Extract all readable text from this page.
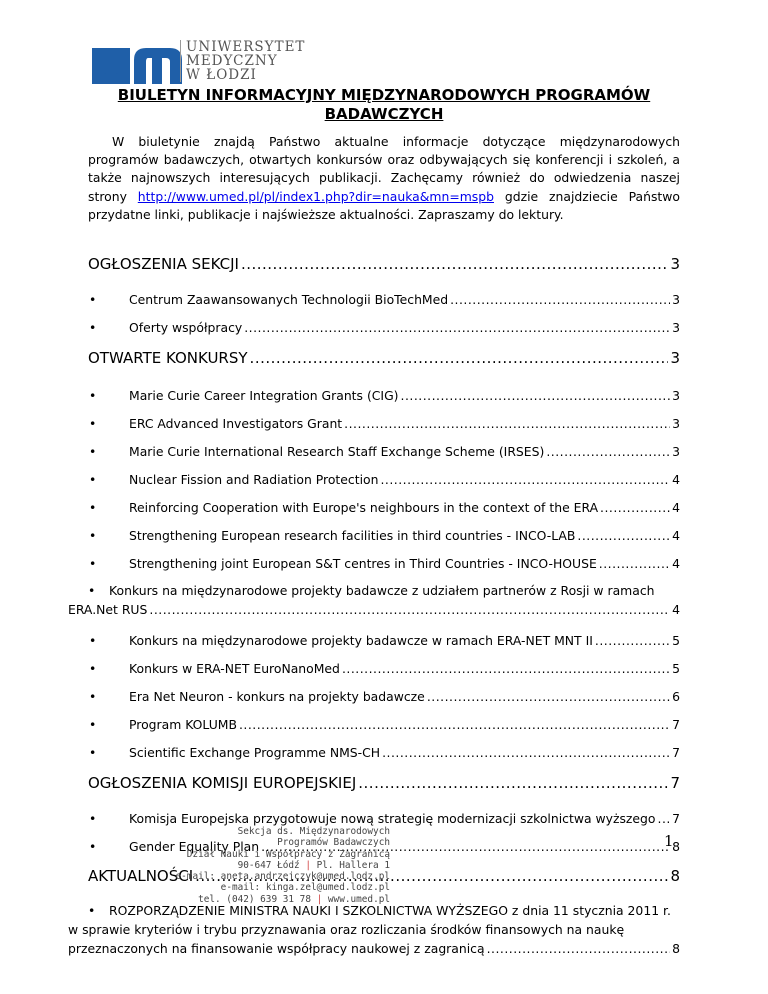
UNIWERSYTET
MEDYCZNY
W ŁODZI
BIULETYN INFORMACYJNY MIĘDZYNARODOWYCH PROGRAMÓW
BADAWCZYCH

W biuletynie znajdą Państwo aktualne informacje dotyczące międzynarodowych programów badawczych, otwartych konkursów oraz odbywających się konferencji i szkoleń, a także najnowszych interesujących publikacji. Zachęcamy również do odwiedzenia naszej strony http://www.umed.pl/pl/index1.php?dir=nauka&mn=mspb gdzie znajdziecie Państwo przydatne linki, publikacje i najświeższe aktualności. Zapraszamy do lektury.

OGŁOSZENIA SEKCJI .....	3
•	Centrum Zaawansowanych Technologii BioTechMed .....	3
•	Oferty współpracy .....	3
OTWARTE KONKURSY .....	3
•	Marie Curie Career Integration Grants (CIG) .....	3
•	ERC Advanced Investigators Grant .....	3
•	Marie Curie International Research Staff Exchange Scheme (IRSES) .....	3
•	Nuclear Fission and Radiation Protection .....	4
•	Reinforcing Cooperation with Europe's neighbours in the context of the ERA .....	4
•	Strengthening European research facilities in third countries - INCO-LAB .....	4
•	Strengthening joint European S&T centres in Third Countries - INCO-HOUSE .....	4
•	Konkurs na międzynarodowe projekty badawcze z udziałem partnerów z Rosji w ramach
ERA.Net RUS .....	4
•	Konkurs na międzynarodowe projekty badawcze w ramach ERA-NET MNT II .....	5
•	Konkurs w ERA-NET EuroNanoMed .....	5
•	Era Net Neuron - konkurs na projekty badawcze .....	6
•	Program KOLUMB .....	7
•	Scientific Exchange Programme NMS-CH .....	7
OGŁOSZENIA KOMISJI EUROPEJSKIEJ .....	7
•	Komisja Europejska przygotowuje nową strategię modernizacji szkolnictwa wyższego ..... 7
•	Gender Equality Plan .....	8
AKTUALNOŚCI .....	8
•	ROZPORZĄDZENIE MINISTRA NAUKI I SZKOLNICTWA WYŻSZEGO z dnia 11 stycznia 2011 r.
w sprawie kryteriów i trybu przyznawania oraz rozliczania środków finansowych na naukę
przeznaczonych na finansowanie współpracy naukowej z zagranicą .....	8
Sekcja ds. Międzynarodowych
Programów Badawczych
Dział Nauki i Współpracy z Zagranicą
90-647 Łódź | Pl. Hallera 1
e-mail: aneta.andrzejczyk@umed.lodz.pl
e-mail: kinga.zel@umed.lodz.pl
tel. (042) 639 31 78 | www.umed.pl
1
